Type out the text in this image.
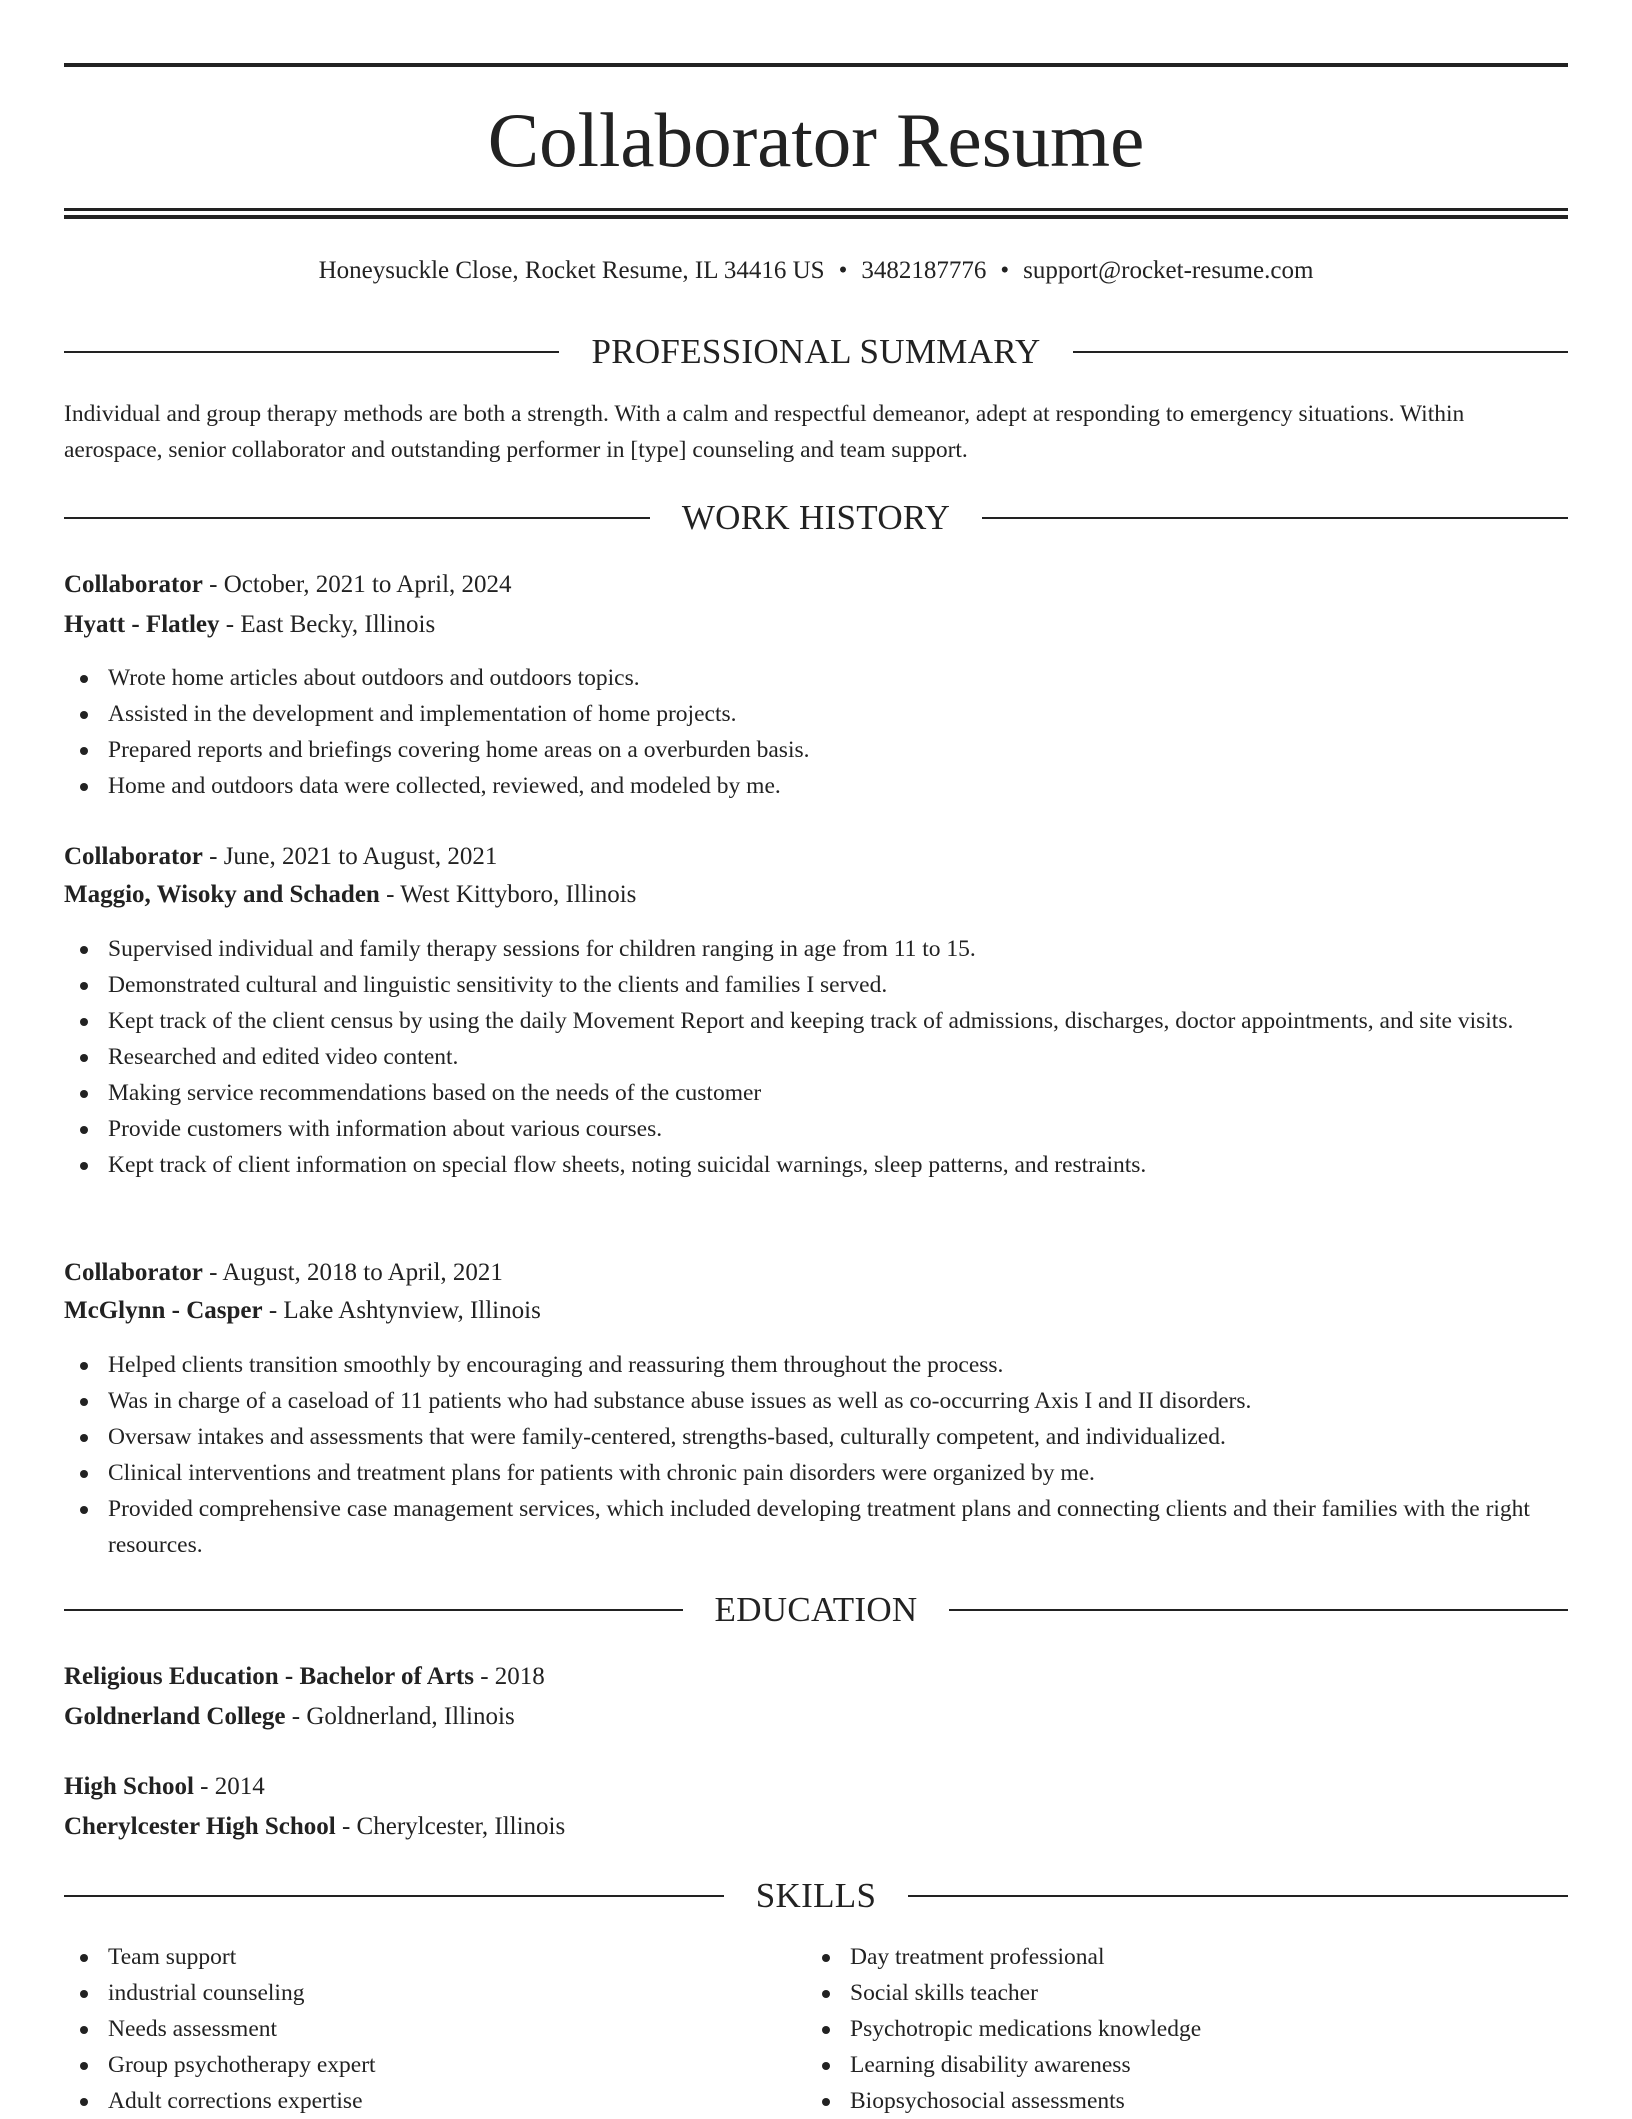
Collaborator Resume
Honeysuckle Close, Rocket Resume, IL 34416 US • 3482187776 • support@rocket-resume.com
PROFESSIONAL SUMMARY

Individual and group therapy methods are both a strength. With a calm and respectful demeanor, adept at responding to emergency situations. Within aerospace, senior collaborator and outstanding performer in [type] counseling and team support.

WORK HISTORY
Collaborator - October, 2021 to April, 2024
Hyatt - Flatley - East Becky, Illinois
Wrote home articles about outdoors and outdoors topics.
Assisted in the development and implementation of home projects.
Prepared reports and briefings covering home areas on a overburden basis.
Home and outdoors data were collected, reviewed, and modeled by me.
Collaborator - June, 2021 to August, 2021
Maggio, Wisoky and Schaden - West Kittyboro, Illinois
Supervised individual and family therapy sessions for children ranging in age from 11 to 15.
Demonstrated cultural and linguistic sensitivity to the clients and families I served.
Kept track of the client census by using the daily Movement Report and keeping track of admissions, discharges, doctor appointments, and site visits.
Researched and edited video content.
Making service recommendations based on the needs of the customer
Provide customers with information about various courses.
Kept track of client information on special flow sheets, noting suicidal warnings, sleep patterns, and restraints.
Collaborator - August, 2018 to April, 2021
McGlynn - Casper - Lake Ashtynview, Illinois
Helped clients transition smoothly by encouraging and reassuring them throughout the process.
Was in charge of a caseload of 11 patients who had substance abuse issues as well as co-occurring Axis I and II disorders.
Oversaw intakes and assessments that were family-centered, strengths-based, culturally competent, and individualized.
Clinical interventions and treatment plans for patients with chronic pain disorders were organized by me.
Provided comprehensive case management services, which included developing treatment plans and connecting clients and their families with the right resources.
EDUCATION
Religious Education - Bachelor of Arts - 2018
Goldnerland College - Goldnerland, Illinois
High School - 2014
Cherylcester High School - Cherylcester, Illinois
SKILLS
Team support
industrial counseling
Needs assessment
Group psychotherapy expert
Adult corrections expertise
Day treatment professional
Social skills teacher
Psychotropic medications knowledge
Learning disability awareness
Biopsychosocial assessments
